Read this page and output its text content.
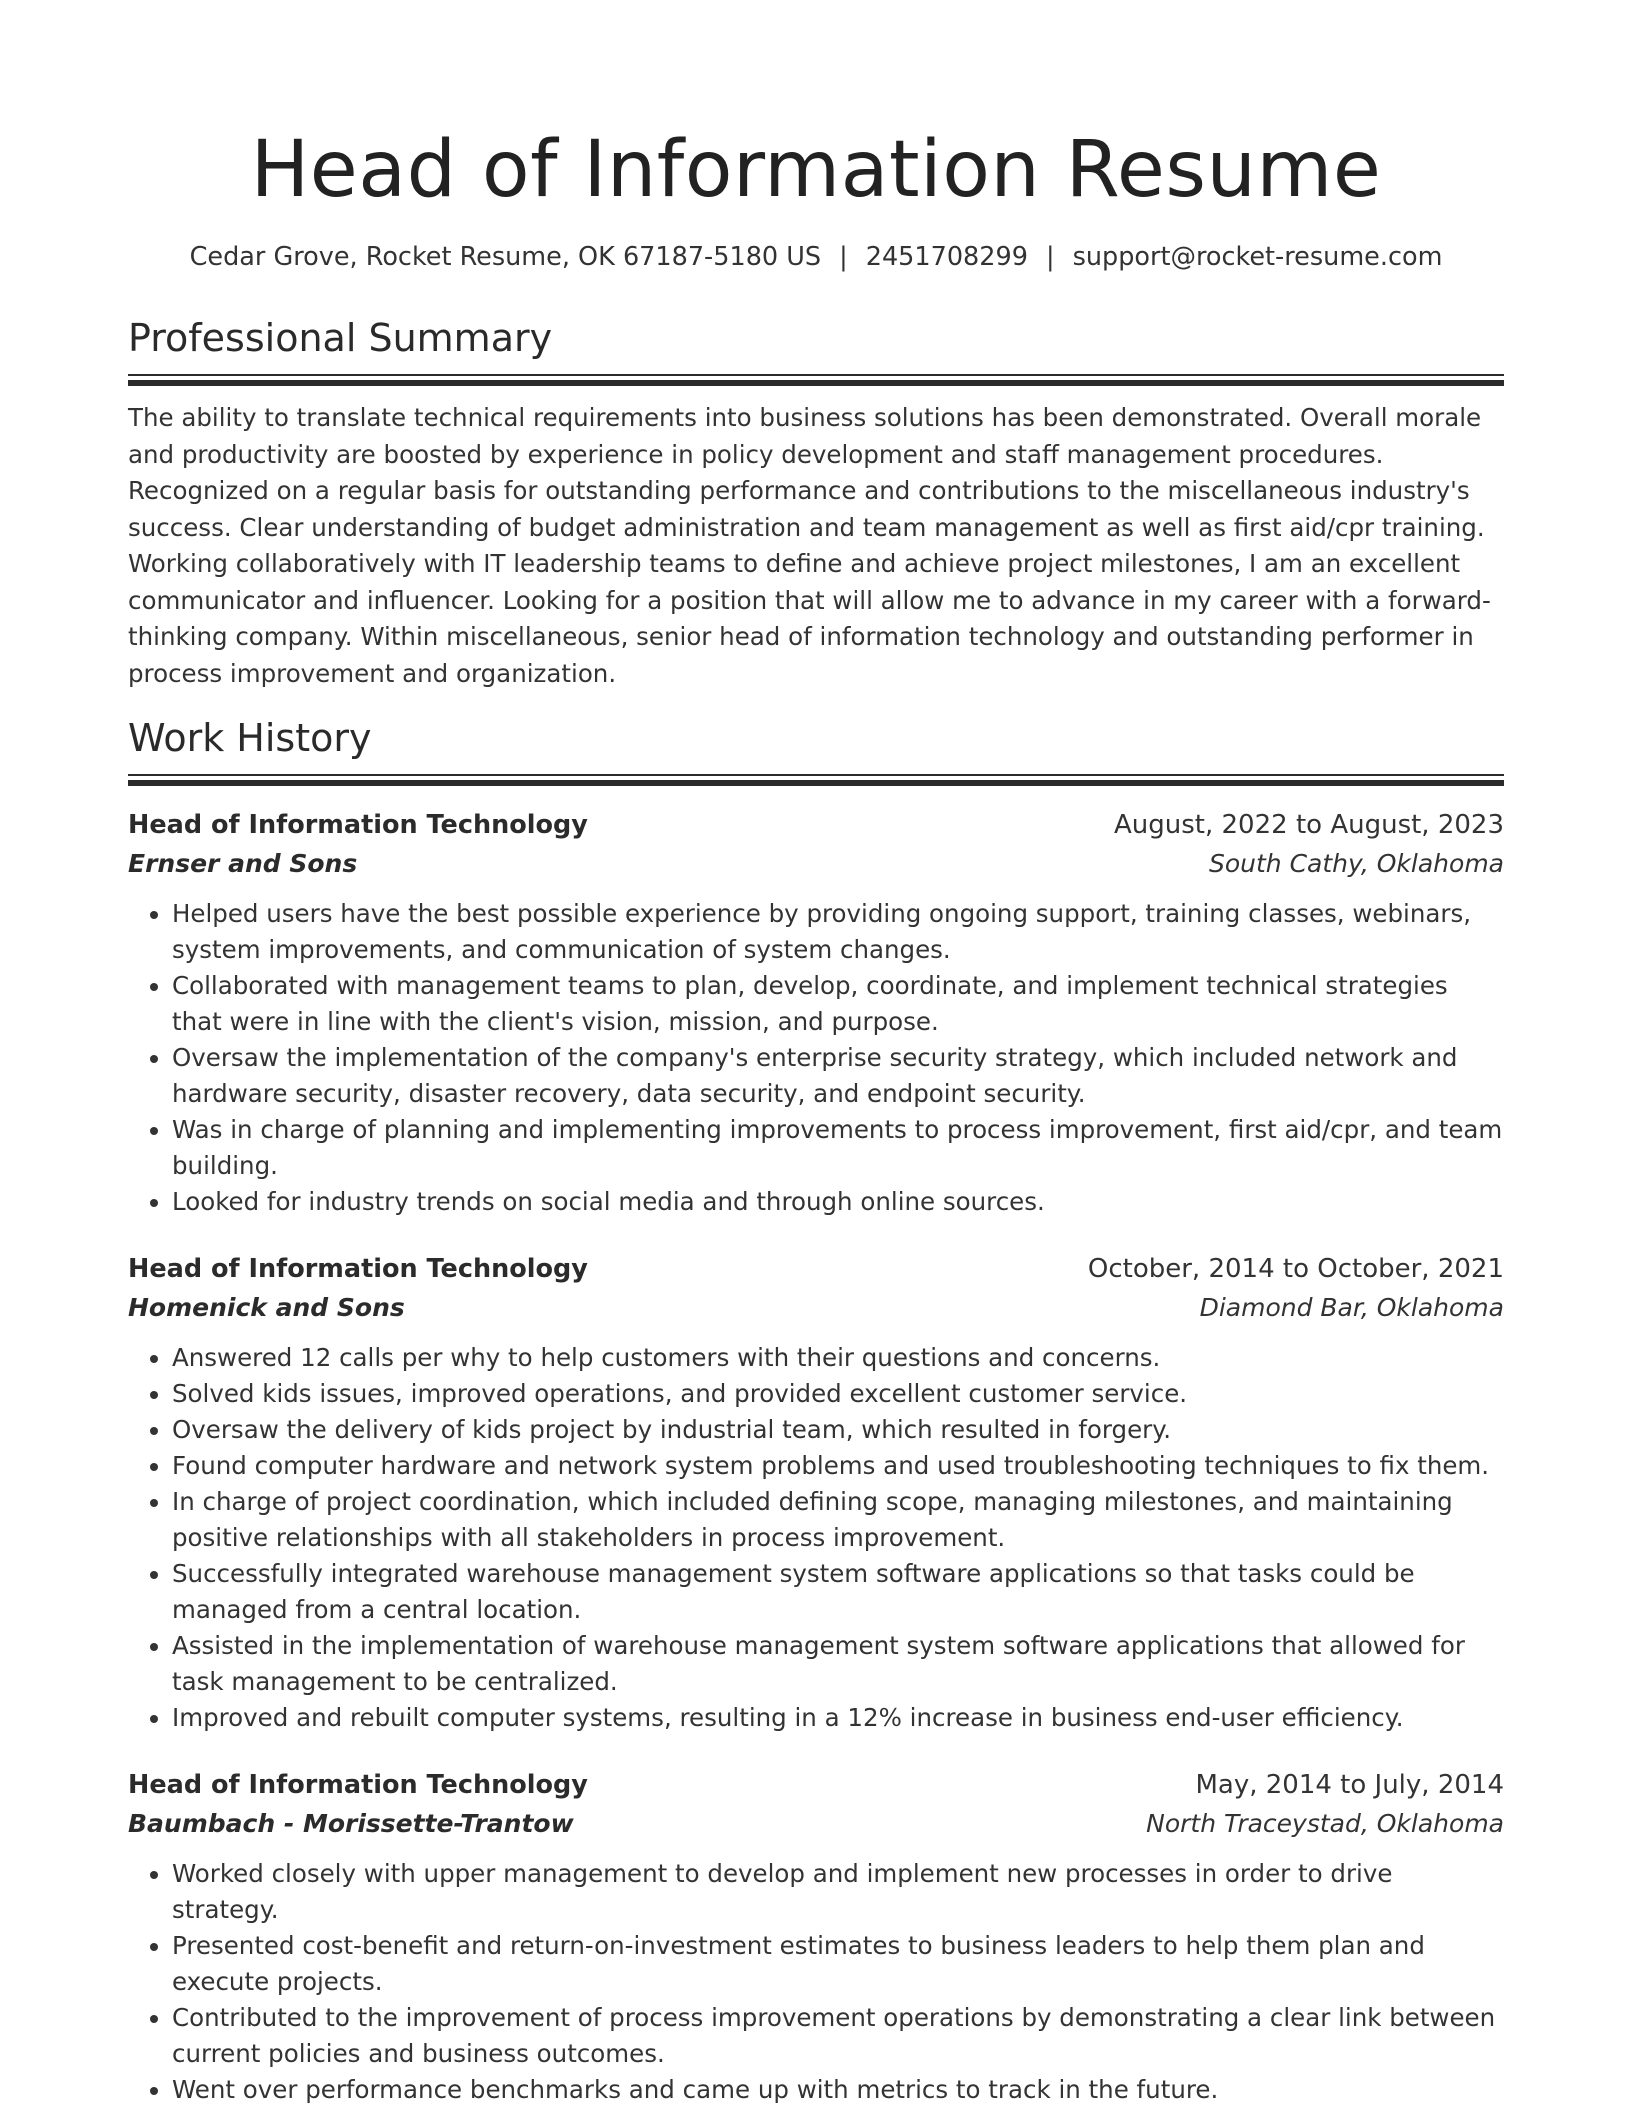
Head of Information Resume
Cedar Grove, Rocket Resume, OK 67187-5180 US | 2451708299 | support@rocket-resume.com
Professional Summary

The ability to translate technical requirements into business solutions has been demonstrated. Overall morale and productivity are boosted by experience in policy development and staff management procedures. Recognized on a regular basis for outstanding performance and contributions to the miscellaneous industry's success. Clear understanding of budget administration and team management as well as first aid/cpr training. Working collaboratively with IT leadership teams to define and achieve project milestones, I am an excellent communicator and influencer. Looking for a position that will allow me to advance in my career with a forward-thinking company. Within miscellaneous, senior head of information technology and outstanding performer in process improvement and organization.

Work History
Head of Information Technology	August, 2022 to August, 2023
Ernser and Sons	South Cathy, Oklahoma
• Helped users have the best possible experience by providing ongoing support, training classes, webinars, system improvements, and communication of system changes.
• Collaborated with management teams to plan, develop, coordinate, and implement technical strategies that were in line with the client's vision, mission, and purpose.
• Oversaw the implementation of the company's enterprise security strategy, which included network and hardware security, disaster recovery, data security, and endpoint security.
• Was in charge of planning and implementing improvements to process improvement, first aid/cpr, and team building.
• Looked for industry trends on social media and through online sources.
Head of Information Technology	October, 2014 to October, 2021
Homenick and Sons	Diamond Bar, Oklahoma
• Answered 12 calls per why to help customers with their questions and concerns.
• Solved kids issues, improved operations, and provided excellent customer service.
• Oversaw the delivery of kids project by industrial team, which resulted in forgery.
• Found computer hardware and network system problems and used troubleshooting techniques to fix them.
• In charge of project coordination, which included defining scope, managing milestones, and maintaining positive relationships with all stakeholders in process improvement.
• Successfully integrated warehouse management system software applications so that tasks could be managed from a central location.
• Assisted in the implementation of warehouse management system software applications that allowed for task management to be centralized.
• Improved and rebuilt computer systems, resulting in a 12% increase in business end-user efficiency.
Head of Information Technology	May, 2014 to July, 2014
Baumbach - Morissette-Trantow	North Traceystad, Oklahoma
• Worked closely with upper management to develop and implement new processes in order to drive strategy.
• Presented cost-benefit and return-on-investment estimates to business leaders to help them plan and execute projects.
• Contributed to the improvement of process improvement operations by demonstrating a clear link between current policies and business outcomes.
• Went over performance benchmarks and came up with metrics to track in the future.
